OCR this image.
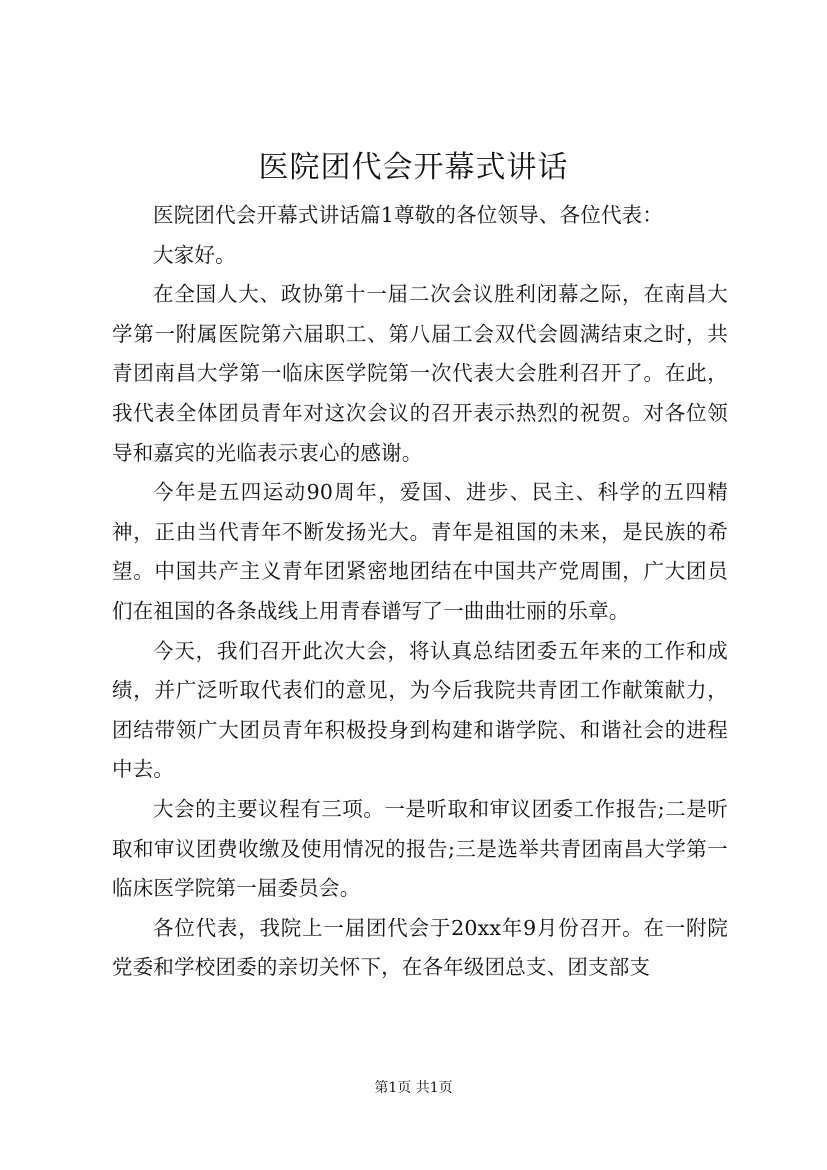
医院团代会开幕式讲话

医院团代会开幕式讲话篇1尊敬的各位领导、各位代表：

大家好。

在全国人大、政协第十一届二次会议胜利闭幕之际，在南昌大学第一附属医院第六届职工、第八届工会双代会圆满结束之时，共青团南昌大学第一临床医学院第一次代表大会胜利召开了。在此，我代表全体团员青年对这次会议的召开表示热烈的祝贺。对各位领导和嘉宾的光临表示衷心的感谢。

今年是五四运动90周年，爱国、进步、民主、科学的五四精神，正由当代青年不断发扬光大。青年是祖国的未来，是民族的希望。中国共产主义青年团紧密地团结在中国共产党周围，广大团员们在祖国的各条战线上用青春谱写了一曲曲壮丽的乐章。

今天，我们召开此次大会，将认真总结团委五年来的工作和成绩，并广泛听取代表们的意见，为今后我院共青团工作献策献力，团结带领广大团员青年积极投身到构建和谐学院、和谐社会的进程中去。

大会的主要议程有三项。一是听取和审议团委工作报告;二是听取和审议团费收缴及使用情况的报告;三是选举共青团南昌大学第一临床医学院第一届委员会。

各位代表，我院上一届团代会于20xx年9月份召开。在一附院党委和学校团委的亲切关怀下，在各年级团总支、团支部支

第1页 共1页
